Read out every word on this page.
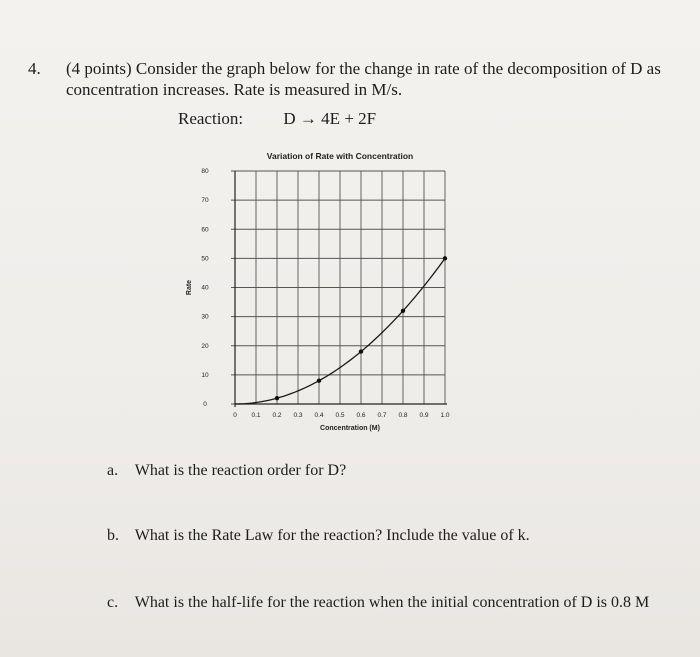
4. (4 points) Consider the graph below for the change in rate of the decomposition of D as
concentration increases. Rate is measured in M/s.
Reaction: D → 4E + 2F
Variation of Rate with Concentration
0 0.1 0.2 0.3 0.4 0.5 0.6 0.7 0.8 0.9 1.0
0
10
20
30
40
50
60
70
80
Concentration (M)
Rate
a. What is the reaction order for D?
b. What is the Rate Law for the reaction? Include the value of k.
c. What is the half-life for the reaction when the initial concentration of D is 0.8 M
